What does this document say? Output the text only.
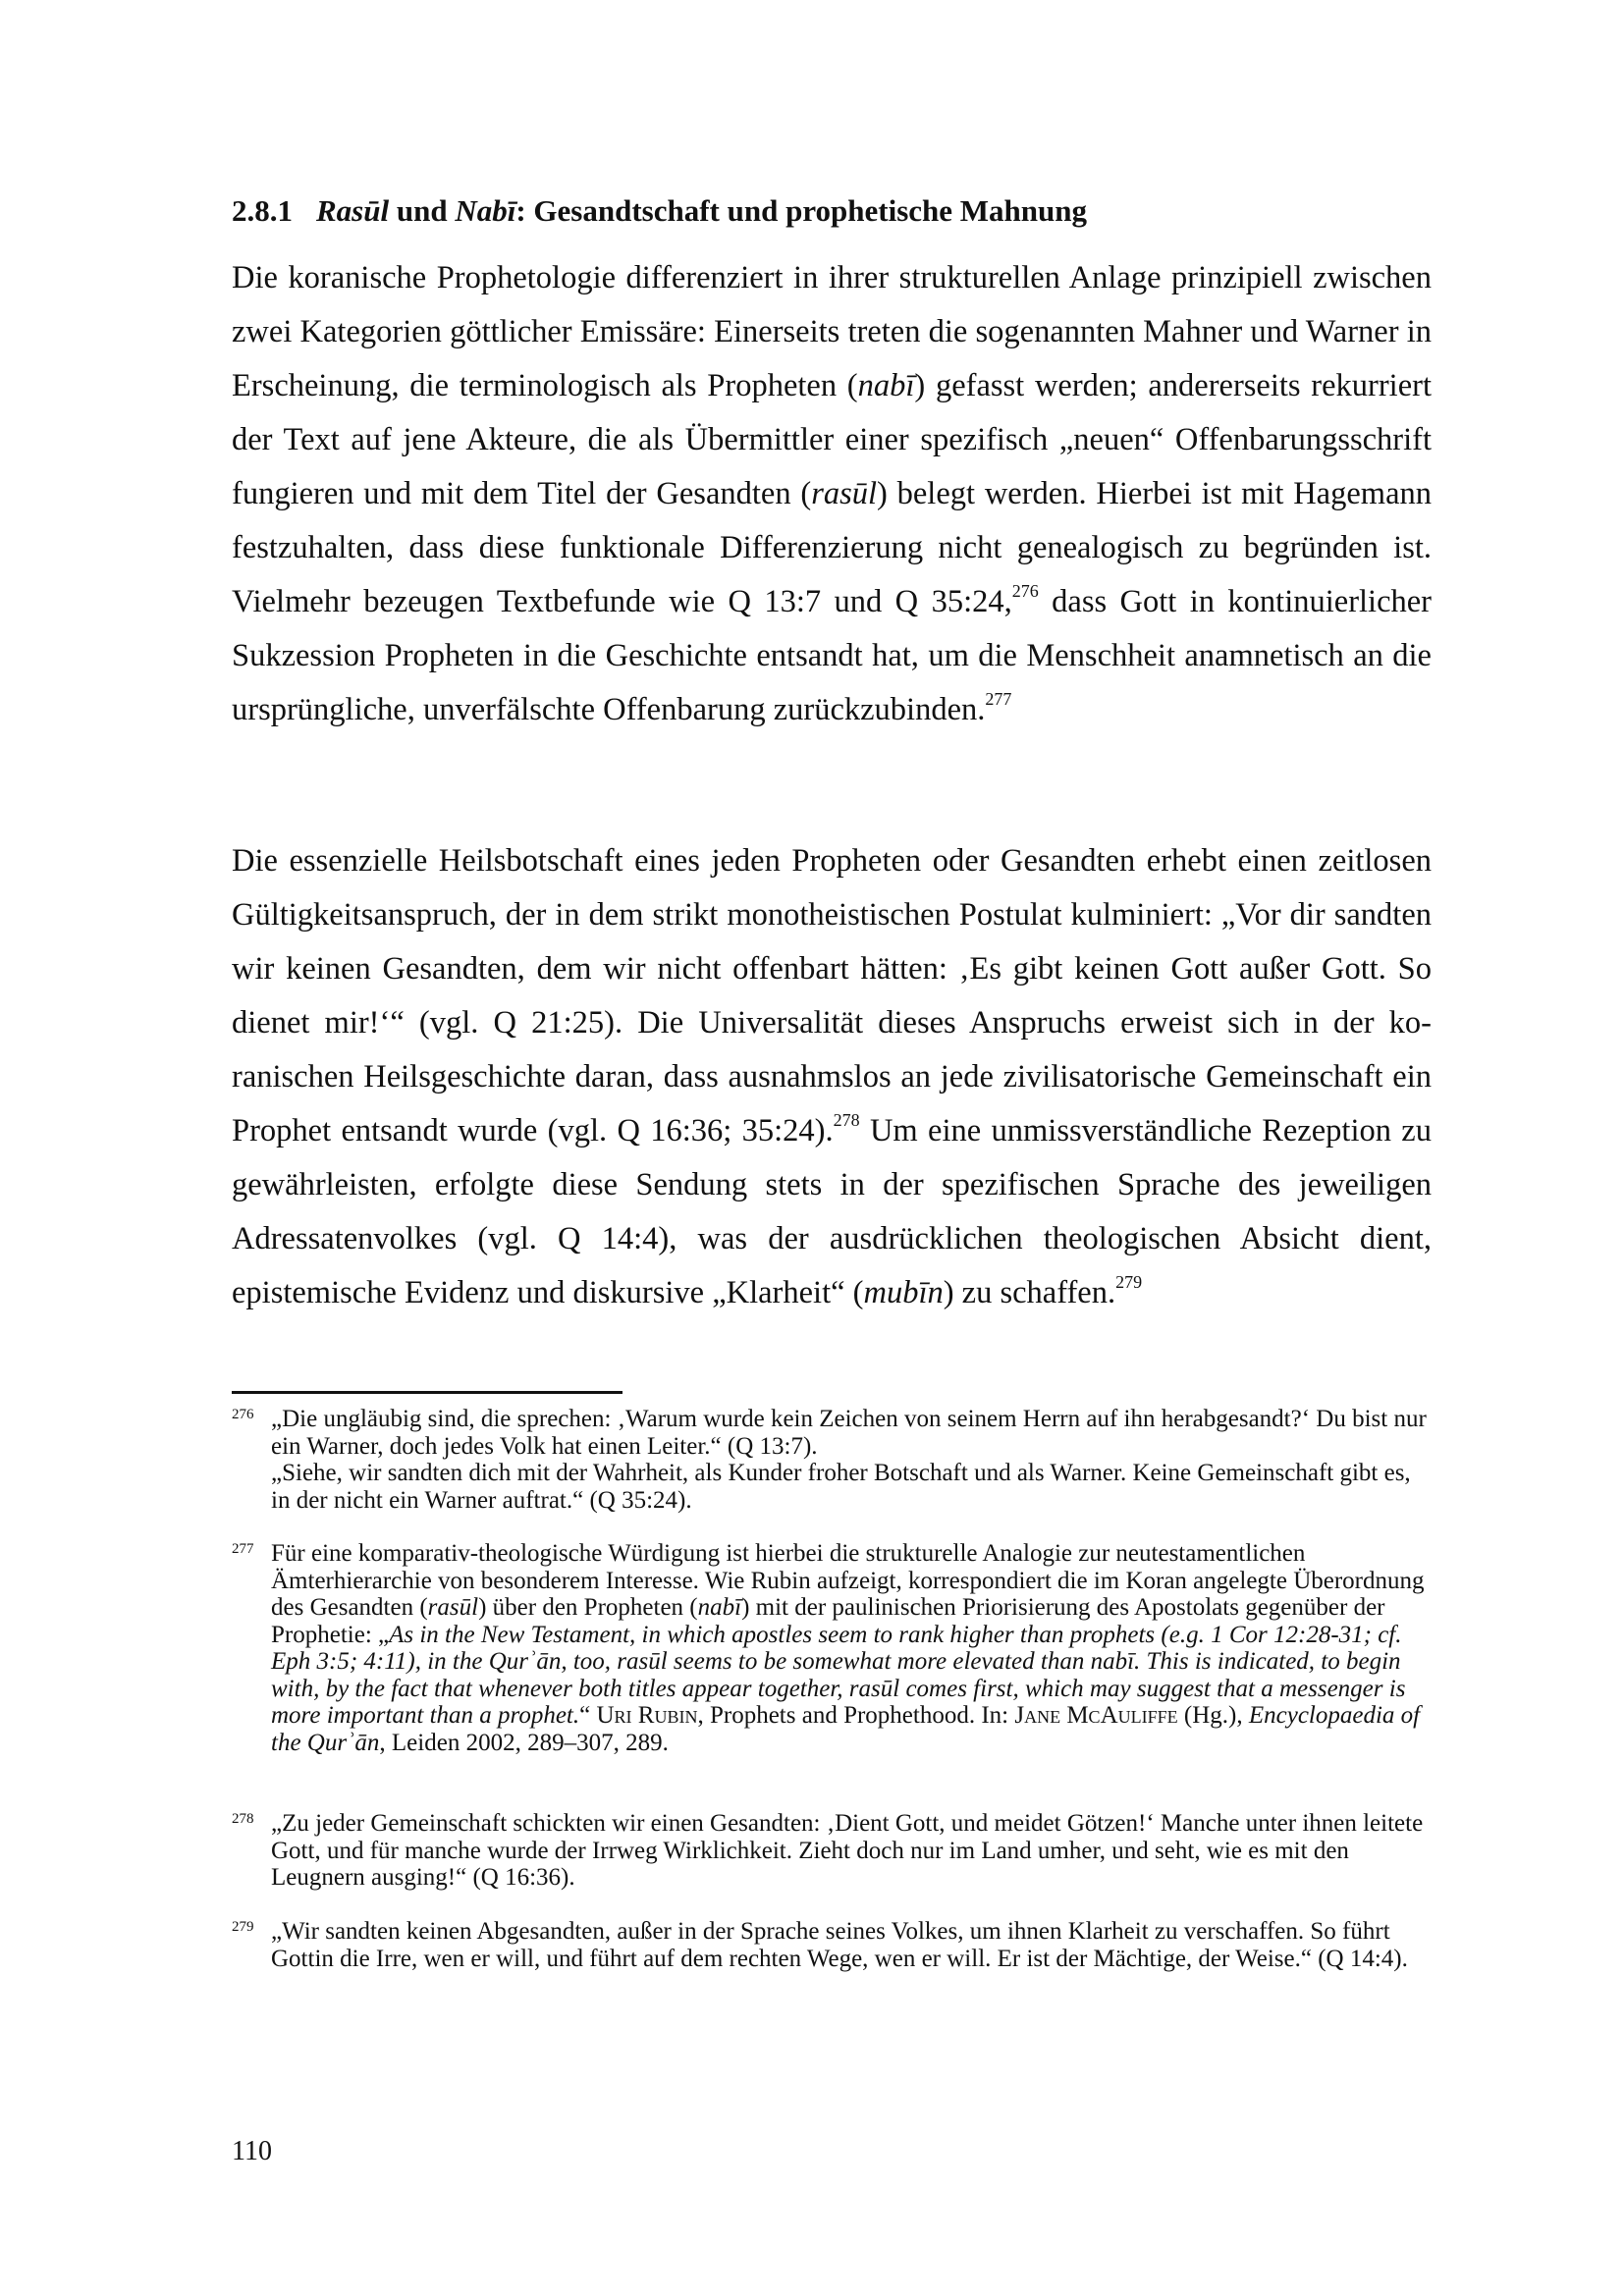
2.8.1 Rasūl und Nabī: Gesandtschaft und prophetische Mahnung

Die koranische Prophetologie differenziert in ihrer strukturellen Anlage prinzipiell zwischen zwei Kategorien göttlicher Emissäre: Einerseits treten die sogenannten Mahner und Warner in Erscheinung, die terminologisch als Propheten (nabī) gefasst werden; andererseits rekurriert der Text auf jene Akteure, die als Übermittler einer spezifisch „neuen“ Offenbarungsschrift fungieren und mit dem Titel der Gesandten (rasūl) belegt werden. Hierbei ist mit Hagemann festzuhalten, dass diese funktionale Differenzierung nicht genealogisch zu begründen ist. Vielmehr bezeugen Textbefunde wie Q 13:7 und Q 35:24,$^{276}$ dass Gott in kontinuierlicher Sukzession Propheten in die Geschichte entsandt hat, um die Menschheit anamnetisch an die ursprüngliche, unverfälschte Offenbarung zurückzubinden.$^{277}$

Die essenzielle Heilsbotschaft eines jeden Propheten oder Gesandten erhebt einen zeitlosen Gültigkeitsanspruch, der in dem strikt monotheistischen Postulat kulminiert: „Vor dir sandten wir keinen Gesandten, dem wir nicht offenbart hätten: ‚Es gibt keinen Gott außer Gott. So dienet mir!‘“ (vgl. Q 21:25). Die Universalität dieses Anspruchs erweist sich in der koranischen Heilsgeschichte daran, dass ausnahmslos an jede zivilisatorische Gemeinschaft ein Prophet entsandt wurde (vgl. Q 16:36; 35:24).$^{278}$ Um eine unmissverständliche Rezeption zu gewährleisten, erfolgte diese Sendung stets in der spezifischen Sprache des jeweiligen Adressatenvolkes (vgl. Q 14:4), was der ausdrücklichen theologischen Absicht dient, epistemische Evidenz und diskursive „Klarheit“ (mubīn) zu schaffen.$^{279}$

276 „Die ungläubig sind, die sprechen: ‚Warum wurde kein Zeichen von seinem Herrn auf ihn herabgesandt?‘ Du bist nur ein Warner, doch jedes Volk hat einen Leiter.“ (Q 13:7).
„Siehe, wir sandten dich mit der Wahrheit, als Kunder froher Botschaft und als Warner. Keine Gemeinschaft gibt es, in der nicht ein Warner auftrat.“ (Q 35:24).
277 Für eine komparativ-theologische Würdigung ist hierbei die strukturelle Analogie zur neutestamentlichen Ämterhierarchie von besonderem Interesse. Wie Rubin aufzeigt, korrespondiert die im Koran angelegte Überordnung des Gesandten (rasūl) über den Propheten (nabī) mit der paulinischen Priorisierung des Apostolats gegenüber der Prophetie: „As in the New Testament, in which apostles seem to rank higher than prophets (e.g. 1 Cor 12:28-31; cf. Eph 3:5; 4:11), in the Qurʾān, too, rasūl seems to be somewhat more elevated than nabī. This is indicated, to begin with, by the fact that whenever both titles appear together, rasūl comes first, which may suggest that a messenger is more important than a prophet.“ Uri Rubin, Prophets and Prophethood. In: Jane McAuliffe (Hg.), Encyclopaedia of the Qurʾān, Leiden 2002, 289–307, 289.
278 „Zu jeder Gemeinschaft schickten wir einen Gesandten: ‚Dient Gott, und meidet Götzen!‘ Manche unter ihnen leitete Gott, und für manche wurde der Irrweg Wirklichkeit. Zieht doch nur im Land umher, und seht, wie es mit den Leugnern ausging!“ (Q 16:36).
279 „Wir sandten keinen Abgesandten, außer in der Sprache seines Volkes, um ihnen Klarheit zu verschaffen. So führt Gottin die Irre, wen er will, und führt auf dem rechten Wege, wen er will. Er ist der Mächtige, der Weise.“ (Q 14:4).
110
